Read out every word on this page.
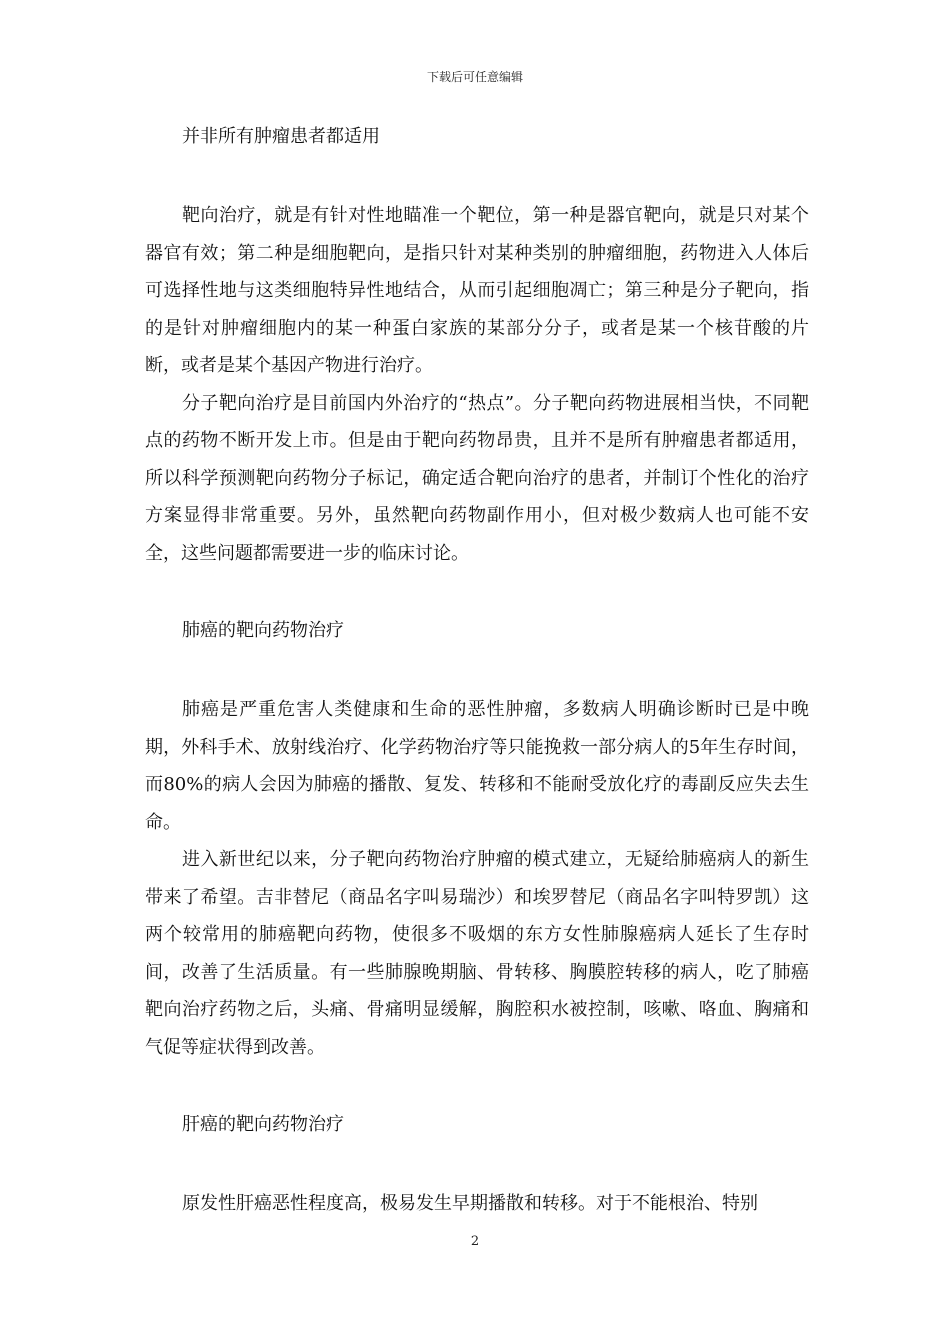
下载后可任意编辑

并非所有肿瘤患者都适用

靶向治疗，就是有针对性地瞄准一个靶位，第一种是器官靶向，就是只对某个器官有效；第二种是细胞靶向，是指只针对某种类别的肿瘤细胞，药物进入人体后可选择性地与这类细胞特异性地结合，从而引起细胞凋亡；第三种是分子靶向，指的是针对肿瘤细胞内的某一种蛋白家族的某部分分子，或者是某一个核苷酸的片断，或者是某个基因产物进行治疗。

分子靶向治疗是目前国内外治疗的“热点”。分子靶向药物进展相当快，不同靶点的药物不断开发上市。但是由于靶向药物昂贵，且并不是所有肿瘤患者都适用，所以科学预测靶向药物分子标记，确定适合靶向治疗的患者，并制订个性化的治疗方案显得非常重要。另外，虽然靶向药物副作用小，但对极少数病人也可能不安全，这些问题都需要进一步的临床讨论。

肺癌的靶向药物治疗

肺癌是严重危害人类健康和生命的恶性肿瘤，多数病人明确诊断时已是中晚期，外科手术、放射线治疗、化学药物治疗等只能挽救一部分病人的5年生存时间，而80%的病人会因为肺癌的播散、复发、转移和不能耐受放化疗的毒副反应失去生命。

进入新世纪以来，分子靶向药物治疗肿瘤的模式建立，无疑给肺癌病人的新生带来了希望。吉非替尼（商品名字叫易瑞沙）和埃罗替尼（商品名字叫特罗凯）这两个较常用的肺癌靶向药物，使很多不吸烟的东方女性肺腺癌病人延长了生存时间，改善了生活质量。有一些肺腺晚期脑、骨转移、胸膜腔转移的病人，吃了肺癌靶向治疗药物之后，头痛、骨痛明显缓解，胸腔积水被控制，咳嗽、咯血、胸痛和气促等症状得到改善。

肝癌的靶向药物治疗

原发性肝癌恶性程度高，极易发生早期播散和转移。对于不能根治、特别

2
